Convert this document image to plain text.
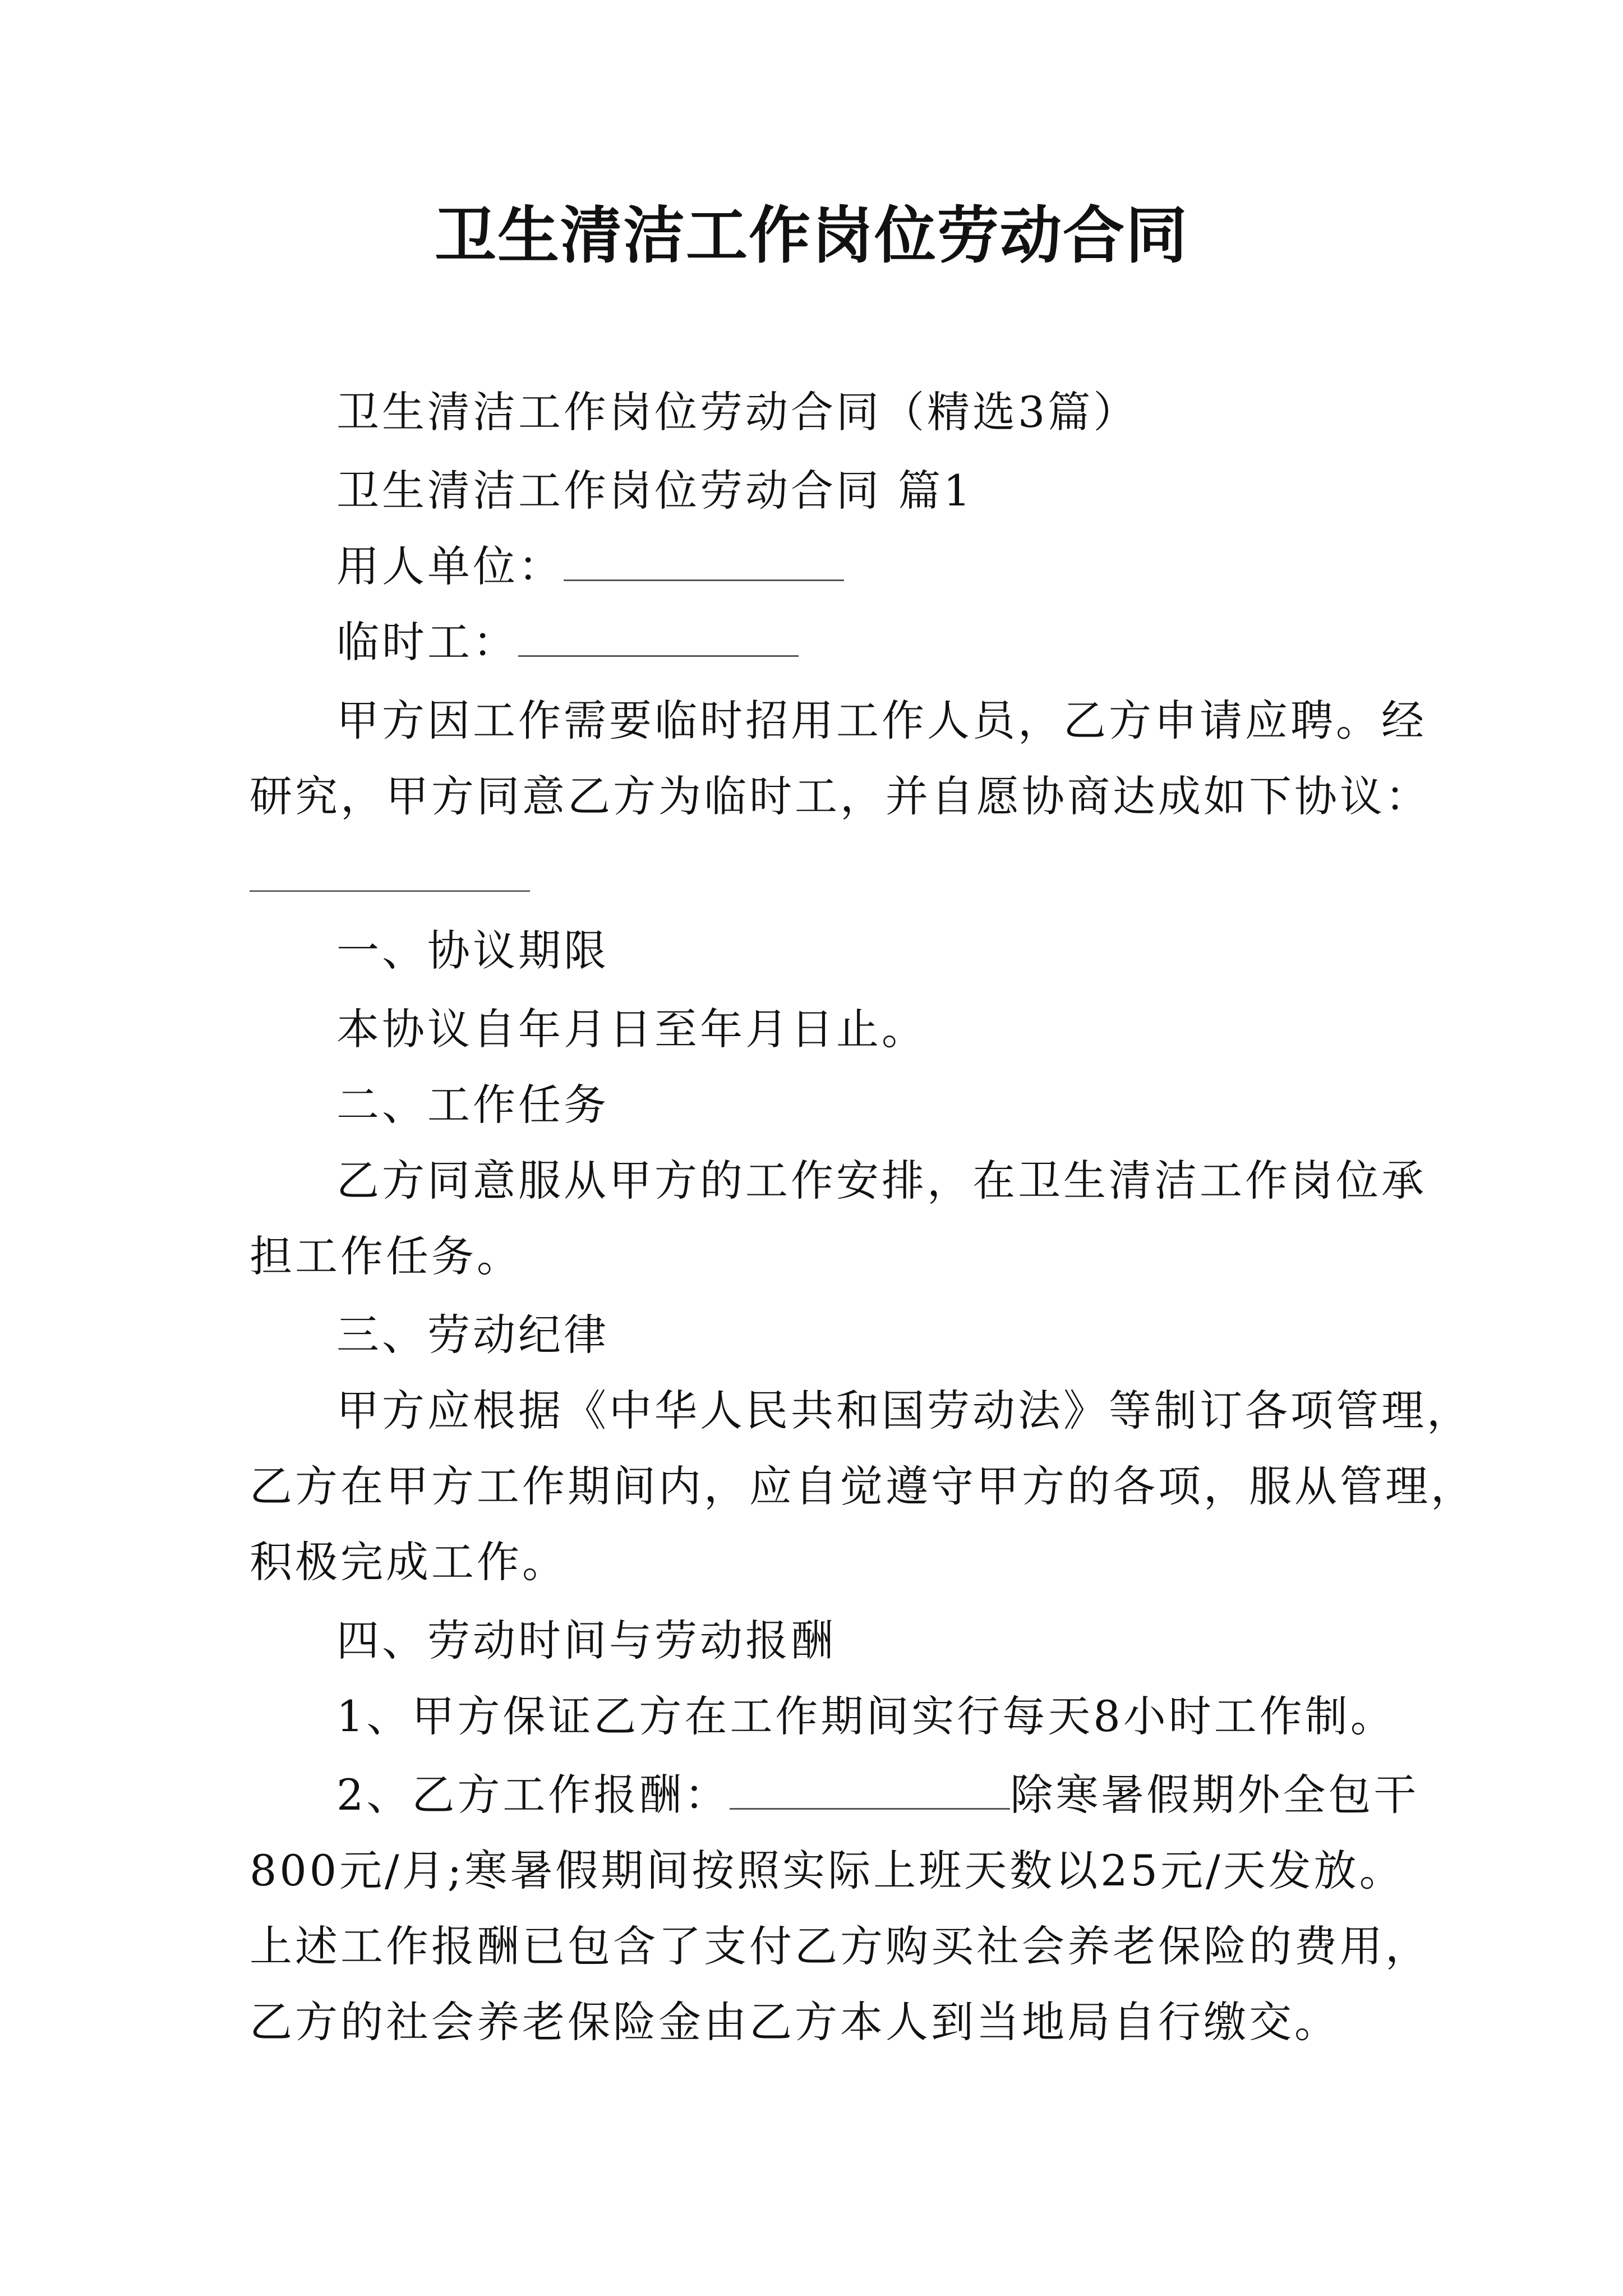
卫生清洁工作岗位劳动合同
卫生清洁工作岗位劳动合同（精选3篇）
卫生清洁工作岗位劳动合同 篇1
用人单位：
临时工：
甲方因工作需要临时招用工作人员，乙方申请应聘。经
研究，甲方同意乙方为临时工，并自愿协商达成如下协议：
一、协议期限
本协议自年月日至年月日止。
二、工作任务
乙方同意服从甲方的工作安排，在卫生清洁工作岗位承
担工作任务。
三、劳动纪律
甲方应根据《中华人民共和国劳动法》等制订各项管理，
乙方在甲方工作期间内，应自觉遵守甲方的各项，服从管理，
积极完成工作。
四、劳动时间与劳动报酬
1、甲方保证乙方在工作期间实行每天8小时工作制。
2、乙方工作报酬：	除寒暑假期外全包干
800元/月;寒暑假期间按照实际上班天数以25元/天发放。
上述工作报酬已包含了支付乙方购买社会养老保险的费用，
乙方的社会养老保险金由乙方本人到当地局自行缴交。
